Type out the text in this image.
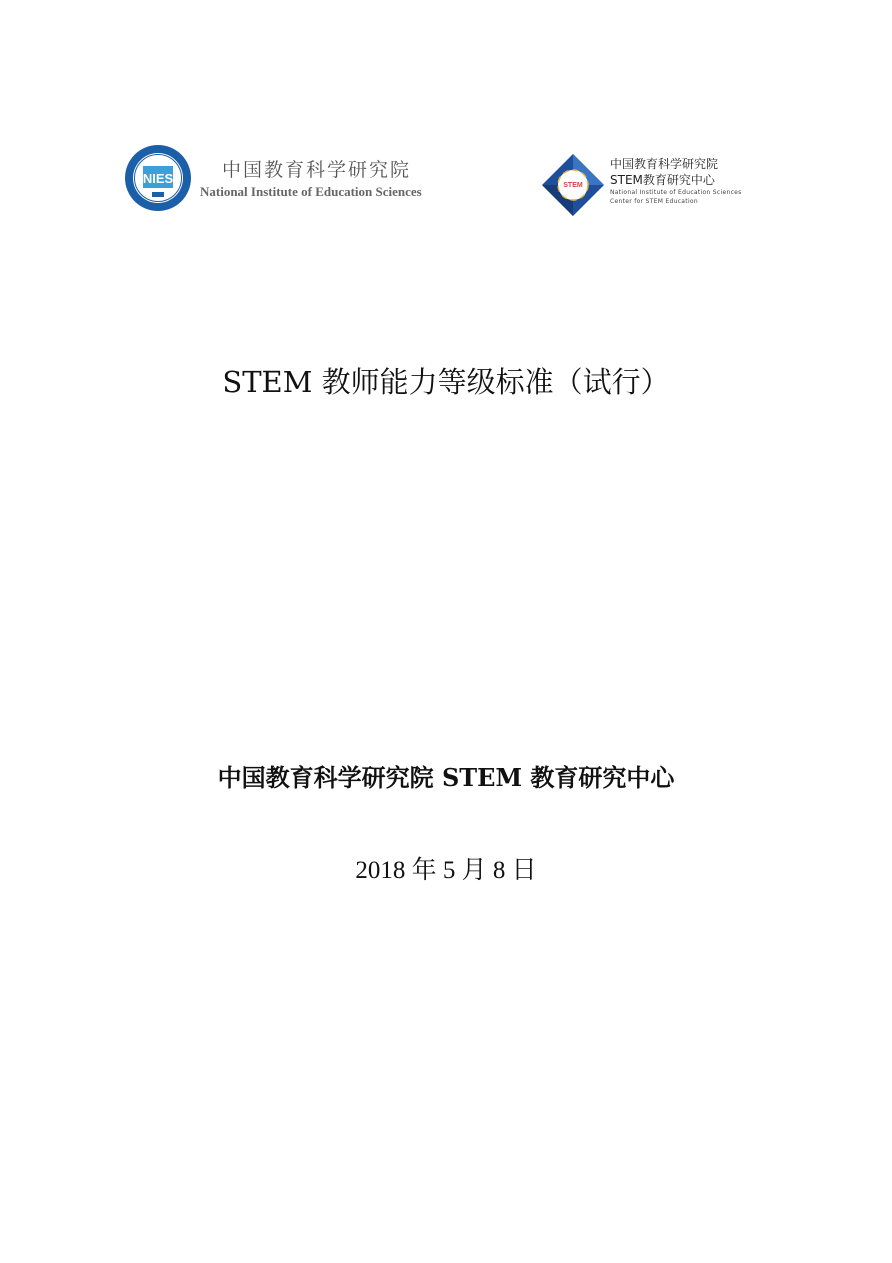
NIES	中国教育科学研究院
National Institute of Education Sciences	STEM
中国教育科学研究院
STEM教育研究中心
National Institute of Education Sciences
Center for STEM Education
STEM 教师能力等级标准（试行）
中国教育科学研究院 STEM 教育研究中心
2018 年 5 月 8 日
